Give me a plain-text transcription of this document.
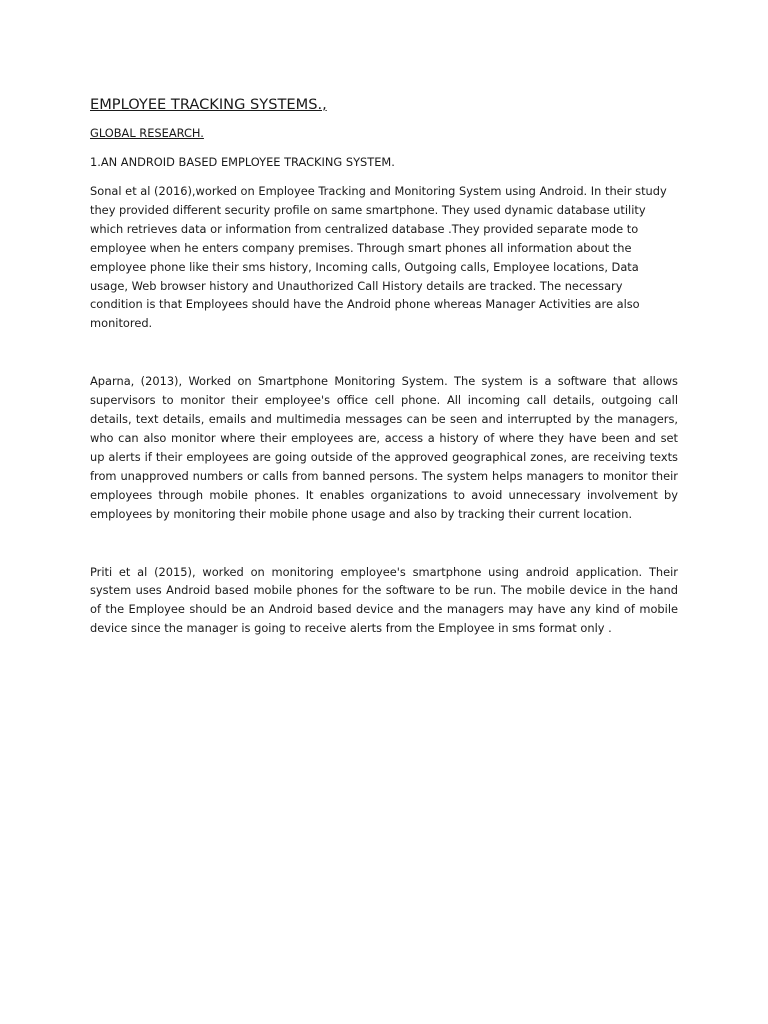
EMPLOYEE TRACKING SYSTEMS.,
GLOBAL RESEARCH.
1.AN ANDROID BASED EMPLOYEE TRACKING SYSTEM.

Sonal et al (2016),worked on Employee Tracking and Monitoring System using Android. In their study they provided different security profile on same smartphone. They used dynamic database utility which retrieves data or information from centralized database .They provided separate mode to employee when he enters company premises. Through smart phones all information about the employee phone like their sms history, Incoming calls, Outgoing calls, Employee locations, Data usage, Web browser history and Unauthorized Call History details are tracked. The necessary condition is that Employees should have the Android phone whereas Manager Activities are also monitored.

Aparna, (2013), Worked on Smartphone Monitoring System. The system is a software that allows supervisors to monitor their employee's office cell phone. All incoming call details, outgoing call details, text details, emails and multimedia messages can be seen and interrupted by the managers, who can also monitor where their employees are, access a history of where they have been and set up alerts if their employees are going outside of the approved geographical zones, are receiving texts from unapproved numbers or calls from banned persons. The system helps managers to monitor their employees through mobile phones. It enables organizations to avoid unnecessary involvement by employees by monitoring their mobile phone usage and also by tracking their current location.

Priti et al (2015), worked on monitoring employee's smartphone using android application. Their system uses Android based mobile phones for the software to be run. The mobile device in the hand of the Employee should be an Android based device and the managers may have any kind of mobile device since the manager is going to receive alerts from the Employee in sms format only .
